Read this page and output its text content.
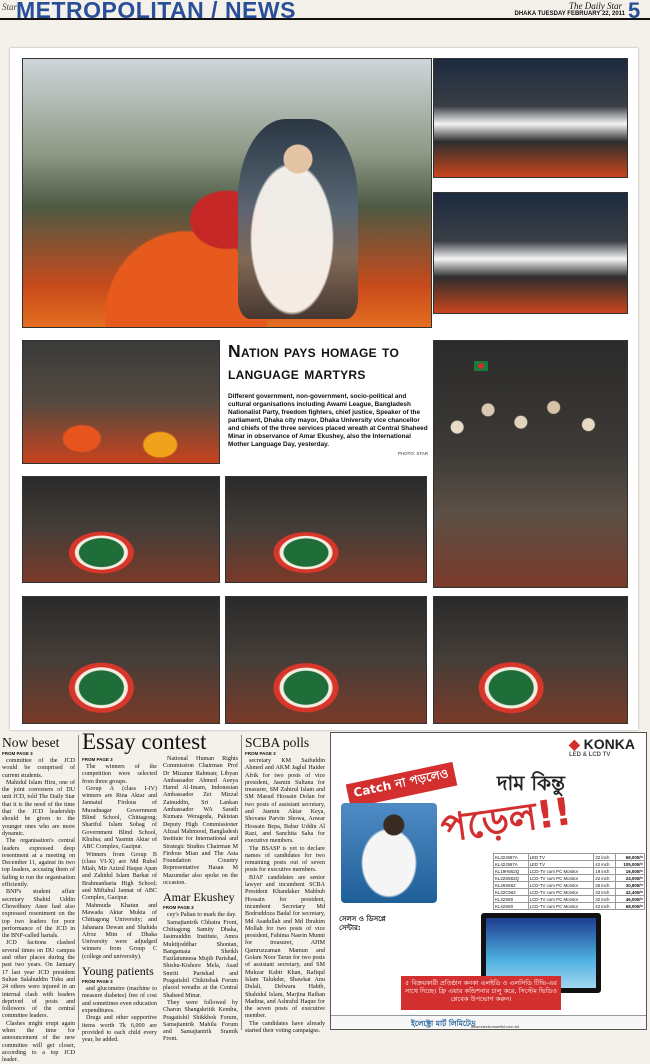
Star
METROPOLITAN / NEWS	The Daily Star
DHAKA TUESDAY FEBRUARY 22, 2011 5
Nation pays homage to
language martyrs
Different government, non-government, socio-political and cultural organisations including Awami League, Bangladesh Nationalist Party, freedom fighters, chief justice, Speaker of the parliament, Dhaka city mayor, Dhaka University vice chancellor and chiefs of the three services placed wreath at Central Shaheed Minar in observance of Amar Ekushey, also the International Mother Language Day, yesterday.
PHOTO: STAR
Now beset
FROM PAGE 3

committee of the JCD would be comprised of current students.

Mahidul Islam Hiru, one of the joint conveners of DU unit JCD, told The Daily Star that it is the need of the time that the JCD leadership should be given to the younger ones who are more dynamic.

The organisation's central leaders expressed deep resentment at a meeting on December 11, against its two top leaders, accusing them of failing to run the organisation efficiently.

BNP's student affair secretary Shahid Uddin Chowdhury Anee had also expressed resentment on the top two leaders for poor performance of the JCD in the BNP-called hartals.

JCD factions clashed several times on DU campus and other places during the past two years. On January 17 last year JCD president Sultan Salahuddin Tuku and 24 others were injured in an internal clash with leaders deprived of posts and followers of the central committee leaders.

Clashes might erupt again when the time for announcement of the new committee will get closer, according to a top JCD leader.

Essay contest
FROM PAGE 3

The winners of the competition were selected from three groups.

Group A (class I-IV) winners are Rina Aktar and Jannatul Firdous of Muradnagar Government Blind School, Chittagong; Shariful Islam Sohag of Government Blind School, Khulna; and Yasmin Aktar of ABC Complex, Gazipur.

Winners from Group B (class VI-X) are Md Rubel Miah, Mir Azizul Haque Apan and Zahidul Islam Barkat of Brahmanbaria High School; and Miftahul Jannat of ABC Complex, Gazipur.

Mahmuda Khatun and Mawada Aktar Mukta of Chittagong University; and Jahanara Dewan and Shahida Afroz Mim of Dhaka University were adjudged winners from Group C (college and university).

Young patients
FROM PAGE 3

and glucometre (machine to measure diabetes) free of cost and sometimes even education expenditures.

Drugs and other supportive items worth Tk 6,000 are provided to each child every year, he added.

National Human Rights Commission Chairman Prof Dr Mizanur Rahman; Libyan Ambassador Ahmed Aeeya Hamd Al-Imam, Indonesian Ambassador Zet Mizzal Zainuddin, Sri Lankan Ambassador WA Sarath Kumara Weragoda, Pakistan Deputy High Commissioner Afzaal Mahmood, Bangladesh Institute for International and Strategic Studies Chairman M Firdous Mian and The Asia Foundation Country Representative Hasan M Mazumdar also spoke on the occasion.

Amar Ekushey
FROM PAGE 3

cey's Paltan to mark the day.

Samajtantrik Chhatra Front, Chittagong Samity Dhaka, Jasimuddin Institute, Amra Muktijoddhar Shontan, Bangamata Sheikh Fazilatunnesa Mujib Parishad, Shishu-Kishore Mela, Asad Smriti Parishad and Pragatishil Chikitshak Forum placed wreaths at the Central Shaheed Minar.

They were followed by Charon Shangskritik Kendra, Pragatishil Shikkhok Forum, Samajtantrik Mahila Forum and Samajtantrik Sramik Front.

SCBA polls
FROM PAGE 3

secretary KM Saifuddin Ahmed and AKM Jaglul Haider Afrik for two posts of vice president, Jasmin Sultana for treasurer, SM Zahirul Islam and SM Masud Hossain Dolan for two posts of assistant secretary, and Jasmin Aktar Keya, Shovana Parvin Showa, Anwar Hossain Bepa, Babar Uddin Al Razi, and Sanchita Saha for executive members.

The BSASP is yet to declare names of candidates for two remaining posts out of seven posts for executive members.

BJAF candidates are senior lawyer and incumbent SCBA President Khandaker Mahbub Hossain for president, incumbent Secretary Md Bodruddoza Badal for secretary, Md Asadullah and Md Ibrahim Mollah for two posts of vice president, Fahima Nasrin Munni for treasurer, AHM Qamruzzaman Mamun and Golam Noor Tarun for two posts of assistant secretary, and SM Mukzar Kabir Khan, Rafiqul Islam Talukder, Shawkat Anu Dulali, Delwara Habib, Shahidul Islam, Marjina Raihan Madina, and Ashraful Haque for the seven posts of executive member.

The candidates have already started their voting campaigns.

◆ KONKA
LED & LCD TV
Catch না পড়লেও	দাম কিন্তু
পড়েল!!
KL32J597A	LED TV	32 inch	68,000/=
KL42J597A	LED TV	42 inch	105,000/=
KL19H562Q	LCD-TV cum PC Monitor	19 inch	16,500/=
KL22S562Q	LCD-TV cum PC Monitor	22 inch	24,000/=
KL26S562	LCD-TV cum PC Monitor	26 inch	30,800/=
KL32C562	LCD-TV cum PC Monitor	32 inch	42,400/=
KL32S80	LCD-TV cum PC Monitor	32 inch	46,000/=
KL42S80	LCD-TV cum PC Monitor	42 inch	68,000/=
সেলস ও ডিসপ্লে সেন্টার:
৫ বিক্রয়কারী প্রতিষ্ঠান কনকা এলইডি ও এলসিডি টিভি-এর সাথে দিচ্ছে। ফ্রি এয়ার কন্ডিশনার চালু করে, সিস্টেম ভিডিও প্লেবেক উপভোগ করুন।
ইলেক্ট্রো মার্ট লিমিটেড
www.electromartltd.com.bd
